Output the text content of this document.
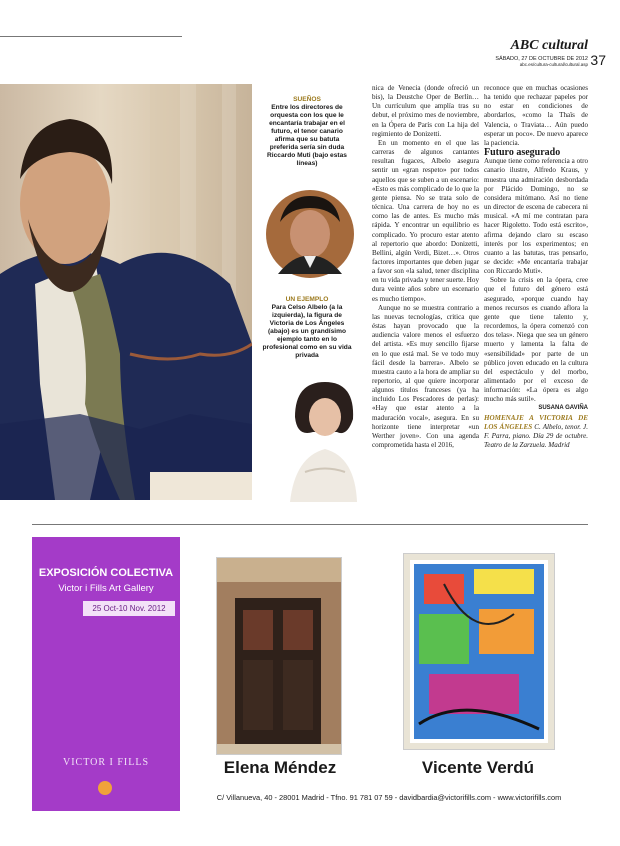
ABC cultural
SÁBADO, 27 DE OCTUBRE DE 2012
abc.es/cultura-cultural/cultural.asp 37
SUEÑOS
Entre los directores de orquesta con los que le encantaría trabajar en el futuro, el tenor canario afirma que su batuta preferida sería sin duda Riccardo Muti (bajo estas líneas)
UN EJEMPLO
Para Celso Albelo (a la izquierda), la figura de Victoria de Los Ángeles (abajo) es un grandísimo ejemplo tanto en lo profesional como en su vida privada

nica de Venecia (donde ofreció un bis), la Deustche Oper de Berlín… Un currículum que amplía tras su debut, el próximo mes de noviembre, en la Ópera de París con La hija del regimiento de Donizetti.

En un momento en el que las carreras de algunos cantantes resultan fugaces, Albelo asegura sentir un «gran respeto» por todos aquellos que se suben a un escenario: «Esto es más complicado de lo que la gente piensa. No se trata solo de técnica. Una carrera de hoy no es como las de antes. Es mucho más rápida. Y encontrar un equilibrio es complicado. Yo procuro estar atento al repertorio que abordo: Donizetti, Bellini, algún Verdi, Bizet…». Otros factores importantes que deben jugar a favor son «la salud, tener disciplina en tu vida privada y tener suerte. Hoy dura veinte años sobre un escenario es mucho tiempo».

Aunque no se muestra contrario a las nuevas tecnologías, critica que éstas hayan provocado que la audiencia valore menos el esfuerzo del artista. «Es muy sencillo fijarse en lo que está mal. Se ve todo muy fácil desde la barrera». Albelo se muestra cauto a la hora de ampliar su repertorio, al que quiere incorporar algunos títulos franceses (ya ha incluido Los Pescadores de perlas): «Hay que estar atento a la maduración vocal», asegura. En su horizonte tiene interpretar «un Werther joven». Con una agenda comprometida hasta el 2016,

reconoce que en muchas ocasiones ha tenido que rechazar papeles por no estar en condiciones de abordarlos, «como la Thaïs de Valencia, o Traviata… Aún puedo esperar un poco». De nuevo aparece la paciencia.

Futuro asegurado

Aunque tiene como referencia a otro canario ilustre, Alfredo Kraus, y muestra una admiración desbordada por Plácido Domingo, no se considera mitómano. Así no tiene un director de escena de cabecera ni musical. «A mí me contratan para hacer Rigoletto. Todo está escrito», afirma dejando claro su escaso interés por los experimentos; en cuanto a las batutas, tras pensarlo, se decide: «Me encantaría trabajar con Riccardo Muti».

Sobre la crisis en la ópera, cree que el futuro del género está asegurado, «porque cuando hay menos recursos es cuando aflora la gente que tiene talento y, recordemos, la ópera comenzó con dos telas». Niega que sea un género muerto y lamenta la falta de «sensibilidad» por parte de un público joven educado en la cultura del espectáculo y del morbo, alimentado por el exceso de información: «La ópera es algo mucho más sutil».

SUSANA GAVIÑA

HOMENAJE A VICTORIA DE LOS ÁNGELES C. Albelo, tenor. J. F. Parra, piano. Día 29 de octubre. Teatro de la Zarzuela. Madrid

EXPOSICIÓN COLECTIVA
Victor i Fills Art Gallery
25 Oct-10 Nov. 2012
VICTOR I FILLS	Elena Méndez	Vicente Verdú
C/ Villanueva, 40 - 28001 Madrid - Tfno. 91 781 07 59 - davidbardia@victorifills.com - www.victorifills.com
